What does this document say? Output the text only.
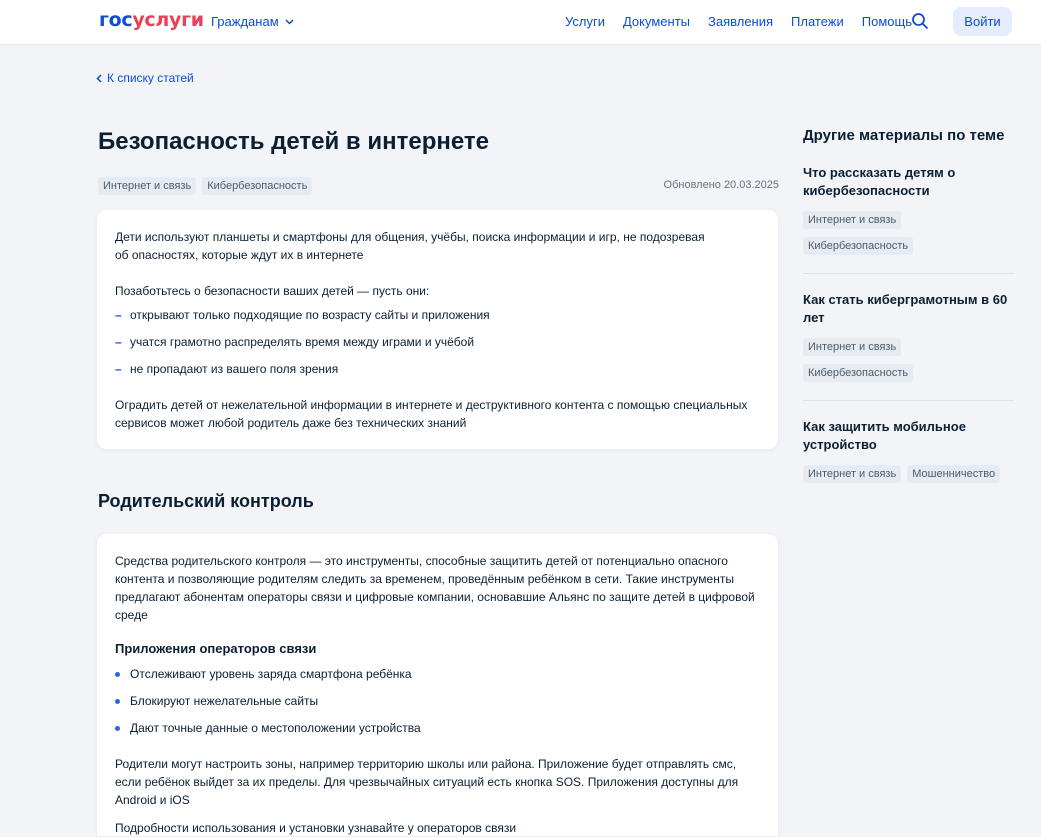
госуслуги Гражданам	Услуги Документы Заявления Платежи Помощь	Войти
К списку статей
Безопасность детей в интернете
Интернет и связь	Кибербезопасность	Обновлено 20.03.2025

Дети используют планшеты и смартфоны для общения, учёбы, поиска информации и игр, не подозревая

об опасностях, которые ждут их в интернете

Позаботьтесь о безопасности ваших детей — пусть они:

– открывают только подходящие по возрасту сайты и приложения

– учатся грамотно распределять время между играми и учёбой

– не пропадают из вашего поля зрения

Оградить детей от нежелательной информации в интернете и деструктивного контента с помощью специальных

сервисов может любой родитель даже без технических знаний

Родительский контроль

Средства родительского контроля — это инструменты, способные защитить детей от потенциально опасного

контента и позволяющие родителям следить за временем, проведённым ребёнком в сети. Такие инструменты

предлагают абонентам операторы связи и цифровые компании, основавшие Альянс по защите детей в цифровой

среде

Приложения операторов связи

Отслеживают уровень заряда смартфона ребёнка

Блокируют нежелательные сайты

Дают точные данные о местоположении устройства

Родители могут настроить зоны, например территорию школы или района. Приложение будет отправлять смс,

если ребёнок выйдет за их пределы. Для чрезвычайных ситуаций есть кнопка SOS. Приложения доступны для

Android и iOS

Подробности использования и установки узнавайте у операторов связи

Другие материалы по теме
Что рассказать детям о
кибербезопасности
Интернет и связь
Кибербезопасность
Как стать киберграмотным в 60
лет
Интернет и связь
Кибербезопасность
Как защитить мобильное
устройство
Интернет и связь	Мошенничество
